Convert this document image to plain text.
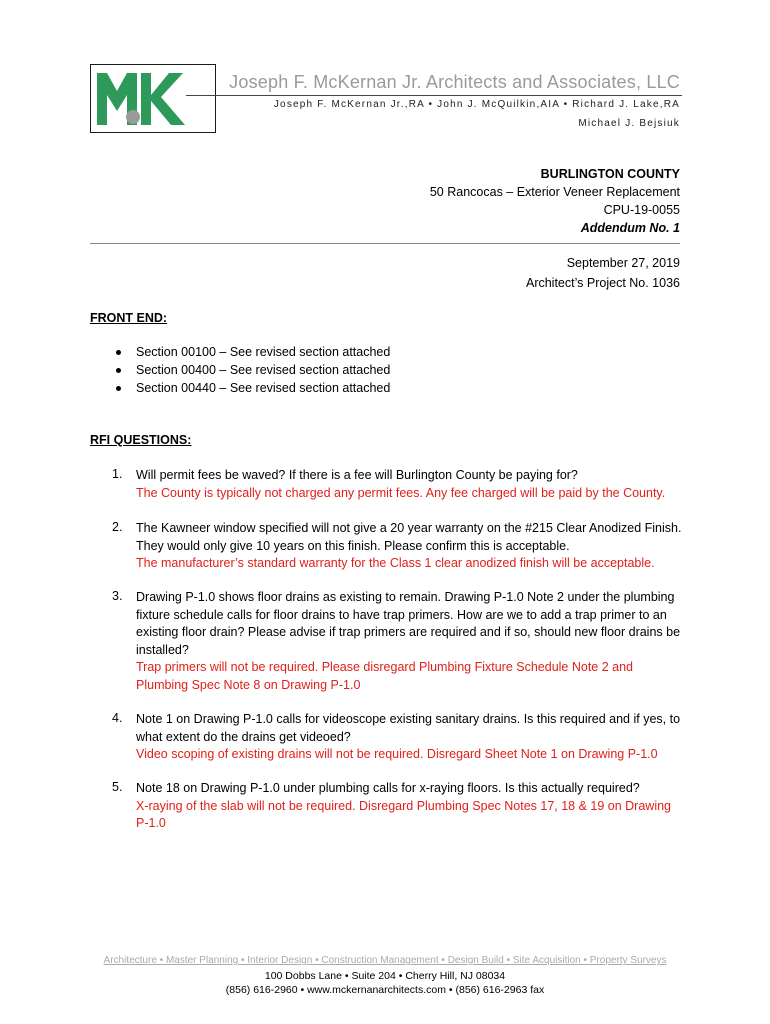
Joseph F. McKernan Jr. Architects and Associates, LLC
Joseph F. McKernan Jr.,RA • John J. McQuilkin,AIA • Richard J. Lake,RA
Michael J. Bejsiuk
BURLINGTON COUNTY
50 Rancocas – Exterior Veneer Replacement
CPU-19-0055
Addendum No. 1
September 27, 2019
Architect’s Project No. 1036
FRONT END:
Section 00100 – See revised section attached
Section 00400 – See revised section attached
Section 00440 – See revised section attached
RFI QUESTIONS:
1. Will permit fees be waved? If there is a fee will Burlington County be paying for?
The County is typically not charged any permit fees. Any fee charged will be paid by the County.
2. The Kawneer window specified will not give a 20 year warranty on the #215 Clear Anodized Finish. They would only give 10 years on this finish. Please confirm this is acceptable.
The manufacturer’s standard warranty for the Class 1 clear anodized finish will be acceptable.
3. Drawing P-1.0 shows floor drains as existing to remain. Drawing P-1.0 Note 2 under the plumbing fixture schedule calls for floor drains to have trap primers. How are we to add a trap primer to an existing floor drain? Please advise if trap primers are required and if so, should new floor drains be installed?
Trap primers will not be required. Please disregard Plumbing Fixture Schedule Note 2 and Plumbing Spec Note 8 on Drawing P-1.0
4. Note 1 on Drawing P-1.0 calls for videoscope existing sanitary drains. Is this required and if yes, to what extent do the drains get videoed?
Video scoping of existing drains will not be required. Disregard Sheet Note 1 on Drawing P-1.0
5. Note 18 on Drawing P-1.0 under plumbing calls for x-raying floors. Is this actually required?
X-raying of the slab will not be required. Disregard Plumbing Spec Notes 17, 18 & 19 on Drawing P-1.0
Architecture • Master Planning • Interior Design • Construction Management • Design Build • Site Acquisition • Property Surveys
100 Dobbs Lane • Suite 204 • Cherry Hill, NJ 08034
(856) 616-2960 • www.mckernanarchitects.com • (856) 616-2963 fax
